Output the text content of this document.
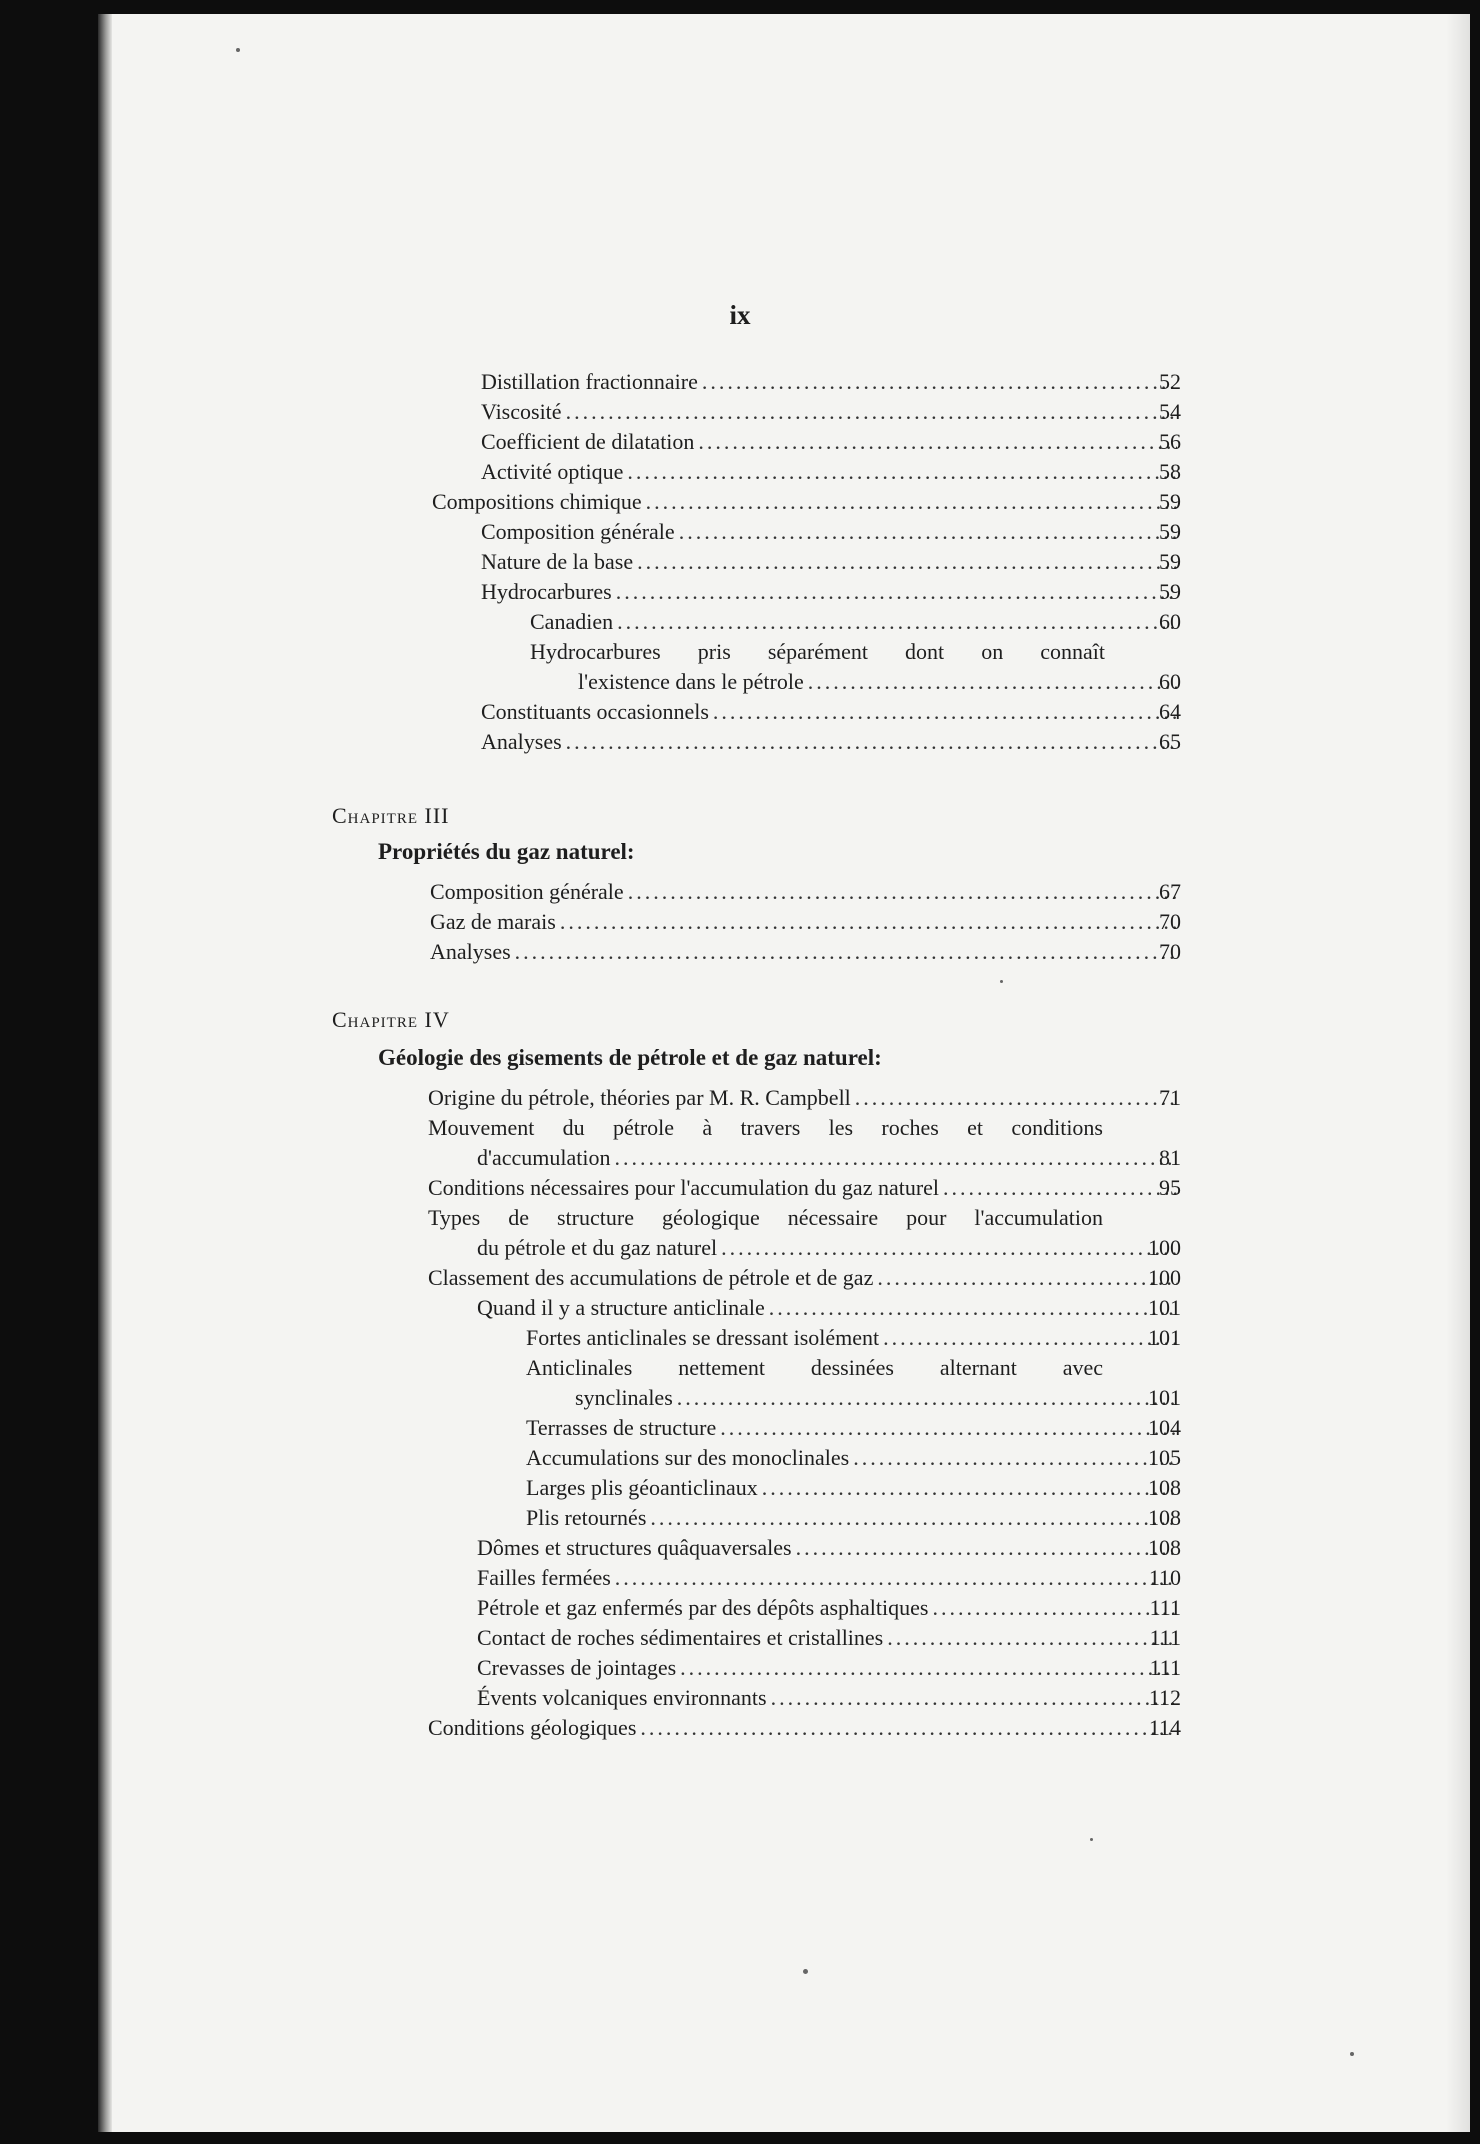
ix
Distillation fractionnaire .....	52
Viscosité .....	54
Coefficient de dilatation .....	56
Activité optique .....	58
Compositions chimique .....	59
Composition générale .....	59
Nature de la base .....	59
Hydrocarbures .....	59
Canadien .....	60
Hydrocarbures pris séparément dont on connaît
l'existence dans le pétrole .....	60
Constituants occasionnels .....	64
Analyses .....	65
Chapitre III
Propriétés du gaz naturel:
Composition générale .....	67
Gaz de marais .....	70
Analyses .....	70
Chapitre IV
Géologie des gisements de pétrole et de gaz naturel:
Origine du pétrole, théories par M. R. Campbell .....	71
Mouvement du pétrole à travers les roches et conditions
d'accumulation .....	81
Conditions nécessaires pour l'accumulation du gaz naturel .....	95
Types de structure géologique nécessaire pour l'accumulation
du pétrole et du gaz naturel .....	100
Classement des accumulations de pétrole et de gaz .....	100
Quand il y a structure anticlinale .....	101
Fortes anticlinales se dressant isolément .....	101
Anticlinales nettement dessinées alternant avec
synclinales .....	101
Terrasses de structure .....	104
Accumulations sur des monoclinales .....	105
Larges plis géoanticlinaux .....	108
Plis retournés .....	108
Dômes et structures quâquaversales .....	108
Failles fermées .....	110
Pétrole et gaz enfermés par des dépôts asphaltiques .....	111
Contact de roches sédimentaires et cristallines .....	111
Crevasses de jointages .....	111
Évents volcaniques environnants .....	112
Conditions géologiques .....	114
